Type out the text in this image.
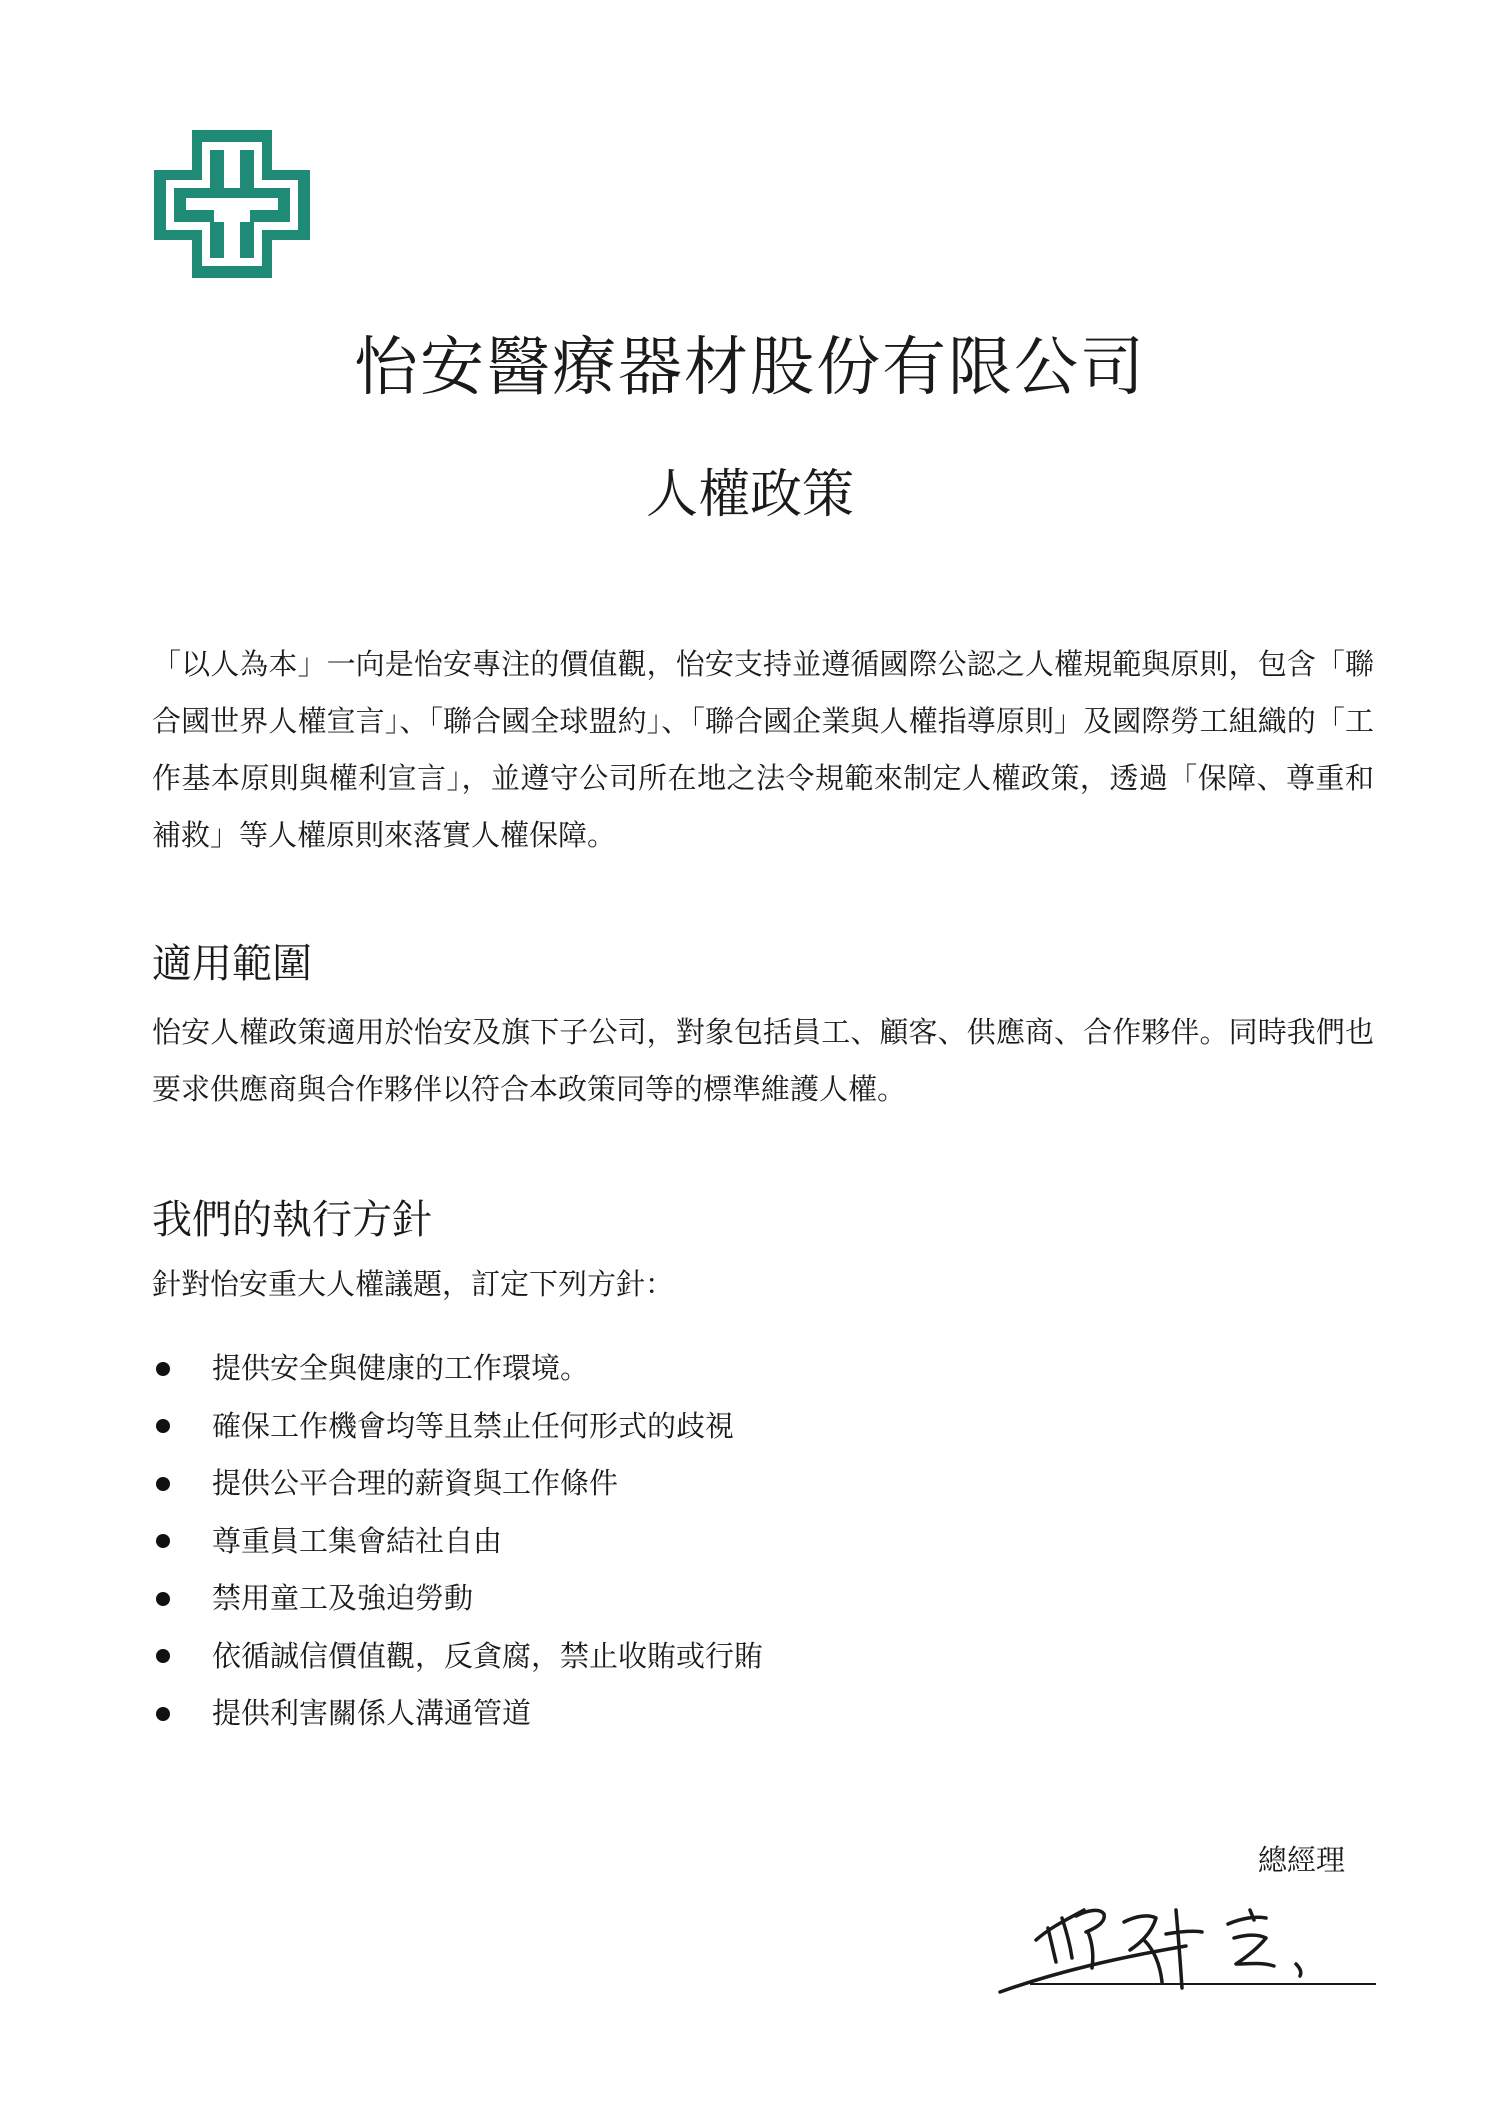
怡安醫療器材股份有限公司
人權政策

「以人為本」一向是怡安專注的價值觀，怡安支持並遵循國際公認之人權規範與原則，包含「聯合國世界人權宣言」、「聯合國全球盟約」、「聯合國企業與人權指導原則」及國際勞工組織的「工作基本原則與權利宣言」，並遵守公司所在地之法令規範來制定人權政策，透過「保障、尊重和補救」等人權原則來落實人權保障。

適用範圍

怡安人權政策適用於怡安及旗下子公司，對象包括員工、顧客、供應商、合作夥伴。同時我們也要求供應商與合作夥伴以符合本政策同等的標準維護人權。

我們的執行方針

針對怡安重大人權議題，訂定下列方針：

提供安全與健康的工作環境。
確保工作機會均等且禁止任何形式的歧視
提供公平合理的薪資與工作條件
尊重員工集會結社自由
禁用童工及強迫勞動
依循誠信價值觀，反貪腐，禁止收賄或行賄
提供利害關係人溝通管道

總經理
